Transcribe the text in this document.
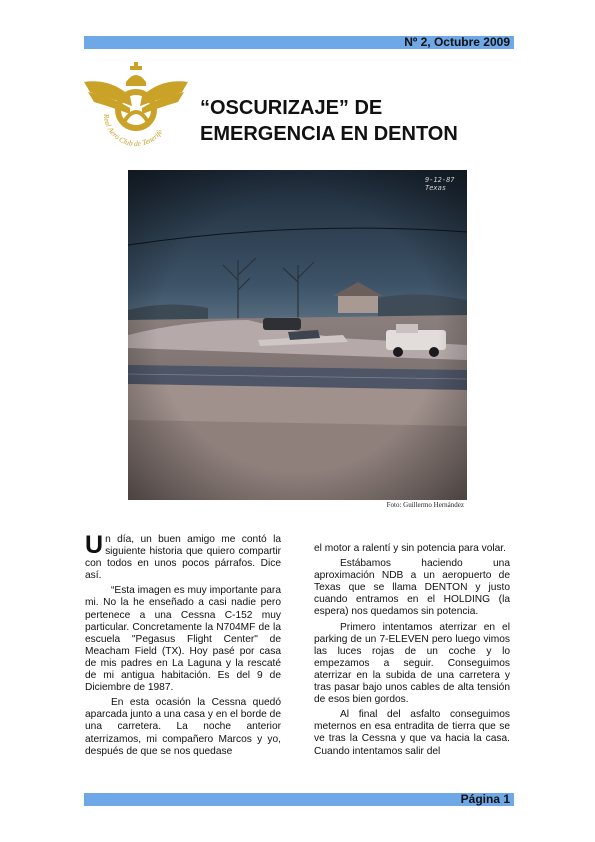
Nº 2, Octubre 2009
Real Aero Club de Tenerife
“OSCURIZAJE” DE
EMERGENCIA EN DENTON
9-12-87
Texas
Foto: Guillermo Hernández

Un día, un buen amigo me contó la siguiente historia que quiero compartir con todos en unos pocos párrafos. Dice así.

“Esta imagen es muy importante para mi. No la he enseñado a casi nadie pero pertenece a una Cessna C-152 muy particular. Concretamente la N704MF de la escuela "Pegasus Flight Center" de Meacham Field (TX). Hoy pasé por casa de mis padres en La Laguna y la rescaté de mi antigua habitación. Es del 9 de Diciembre de 1987.

En esta ocasión la Cessna quedó aparcada junto a una casa y en el borde de una carretera. La noche anterior aterrizamos, mi compañero Marcos y yo, después de que se nos quedase

el motor a ralentí y sin potencia para volar.

Estábamos haciendo una aproximación NDB a un aeropuerto de Texas que se llama DENTON y justo cuando entramos en el HOLDING (la espera) nos quedamos sin potencia.

Primero intentamos aterrizar en el parking de un 7-ELEVEN pero luego vimos las luces rojas de un coche y lo empezamos a seguir. Conseguimos aterrizar en la subida de una carretera y tras pasar bajo unos cables de alta tensión de esos bien gordos.

Al final del asfalto conseguimos meternos en esa entradita de tierra que se ve tras la Cessna y que va hacia la casa. Cuando intentamos salir del

Página 1
